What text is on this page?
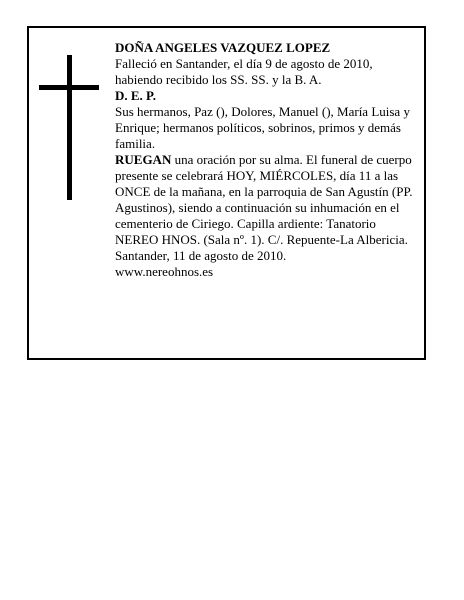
DOÑA ANGELES VAZQUEZ LOPEZ

Falleció en Santander, el día 9 de agosto de 2010, habiendo recibido los SS. SS. y la B. A.

D. E. P.

Sus hermanos, Paz (), Dolores, Manuel (), María Luisa y Enrique; hermanos políticos, sobrinos, primos y demás familia.

RUEGAN una oración por su alma. El funeral de cuerpo presente se celebrará HOY, MIÉRCOLES, día 11 a las ONCE de la mañana, en la parroquia de San Agustín (PP. Agustinos), siendo a continuación su inhumación en el cementerio de Ciriego. Capilla ardiente: Tanatorio NEREO HNOS. (Sala nº. 1). C/. Repuente-La Albericia.

Santander, 11 de agosto de 2010.

www.nereohnos.es
